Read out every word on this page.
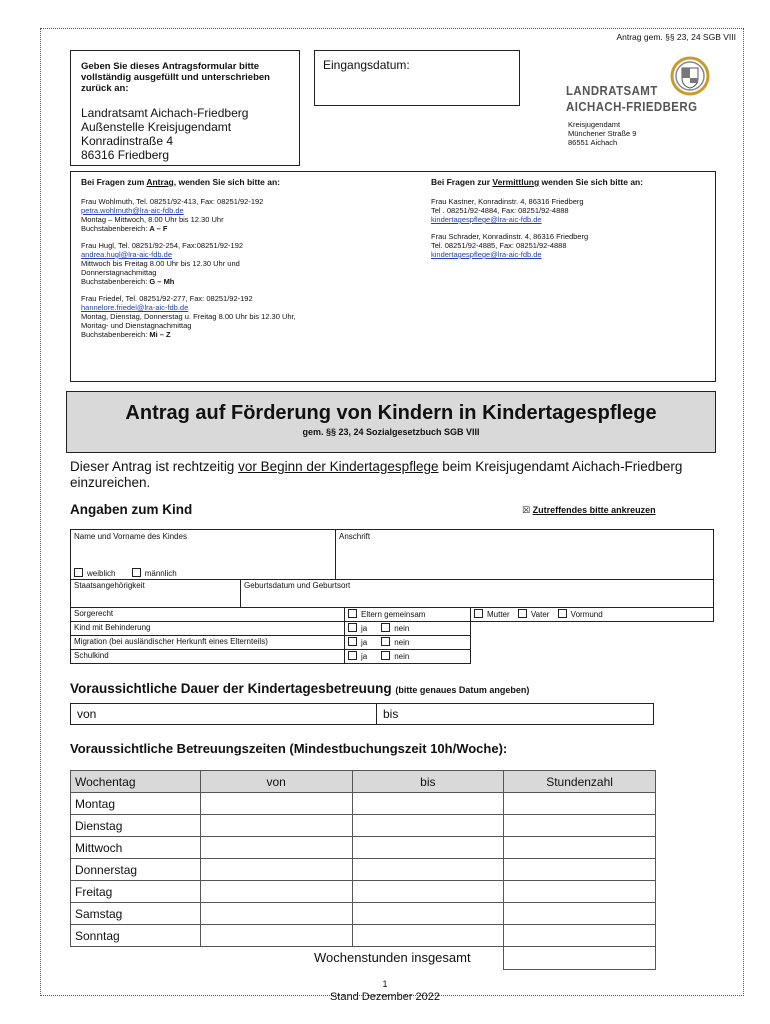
Antrag gem. §§ 23, 24 SGB VIII
Geben Sie dieses Antragsformular bitte vollständig ausgefüllt und unterschrieben zurück an:
Landratsamt Aichach-Friedberg
Außenstelle Kreisjugendamt
Konradinstraße 4
86316 Friedberg
Eingangsdatum:
LANDRATSAMT
AICHACH-FRIEDBERG
Kreisjugendamt
Münchener Straße 9
86551 Aichach
Bei Fragen zum Antrag, wenden Sie sich bitte an:
Frau Wohlmuth, Tel. 08251/92-413, Fax: 08251/92-192
petra.wohlmuth@lra-aic-fdb.de
Montag – Mittwoch, 8.00 Uhr bis 12.30 Uhr
Buchstabenbereich: A – F
Frau Hugl, Tel. 08251/92-254, Fax:08251/92-192
andrea.hugl@lra-aic-fdb.de
Mittwoch bis Freitag 8.00 Uhr bis 12.30 Uhr und
Donnerstagnachmittag
Buchstabenbereich: G – Mh
Frau Friedel, Tel. 08251/92-277, Fax: 08251/92-192
hannelore.friedel@lra-aic-fdb.de
Montag, Dienstag, Donnerstag u. Freitag 8.00 Uhr bis 12.30 Uhr,
Montag- und Dienstagnachmittag
Buchstabenbereich: Mi – Z
Bei Fragen zur Vermittlung wenden Sie sich bitte an:
Frau Kastner, Konradinstr. 4, 86316 Friedberg
Tel . 08251/92-4884, Fax: 08251/92-4888
kindertagespflege@lra-aic-fdb.de
Frau Schrader, Konradinstr. 4, 86316 Friedberg
Tel. 08251/92-4885, Fax: 08251/92-4888
kindertagespflege@lra-aic-fdb.de
Antrag auf Förderung von Kindern in Kindertagespflege
gem. §§ 23, 24 Sozialgesetzbuch SGB VIII
Dieser Antrag ist rechtzeitig vor Beginn der Kindertagespflege beim Kreisjugendamt Aichach-Friedberg einzureichen.
Angaben zum Kind	☒ Zutreffendes bitte ankreuzen
Name und Vorname des Kindes
weiblich	männlich
Anschrift
Staatsangehörigkeit	Geburtsdatum und Geburtsort
Sorgerecht	Eltern gemeinsam	Mutter	Vater	Vormund
Kind mit Behinderung	ja	nein
Migration (bei ausländischer Herkunft eines Elternteils)	ja	nein
Schulkind	ja	nein
Voraussichtliche Dauer der Kindertagesbetreuung (bitte genaues Datum angeben)
von	bis
Voraussichtliche Betreuungszeiten (Mindestbuchungszeit 10h/Woche):
Wochentag	von	bis	Stundenzahl
Montag			
Dienstag			
Mittwoch			
Donnerstag			
Freitag			
Samstag			
Sonntag			
Wochenstunden insgesamt
1
Stand Dezember 2022
